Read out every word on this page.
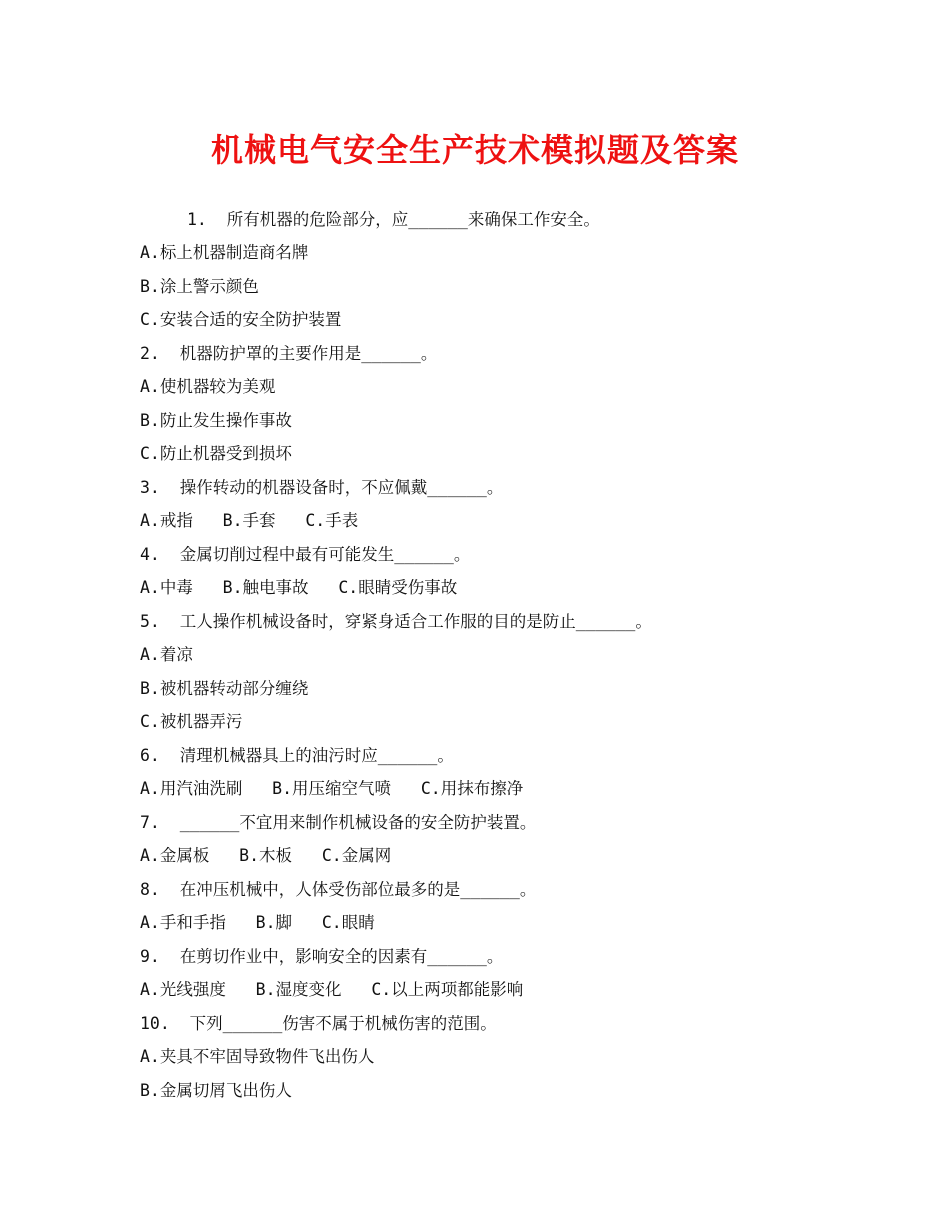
机械电气安全生产技术模拟题及答案

1.  所有机器的危险部分，应______来确保工作安全。

A.标上机器制造商名牌

B.涂上警示颜色

C.安装合适的安全防护装置

2.  机器防护罩的主要作用是______。

A.使机器较为美观

B.防止发生操作事故

C.防止机器受到损坏

3.  操作转动的机器设备时，不应佩戴______。

A.戒指   B.手套   C.手表

4.  金属切削过程中最有可能发生______。

A.中毒   B.触电事故   C.眼睛受伤事故

5.  工人操作机械设备时，穿紧身适合工作服的目的是防止______。

A.着凉

B.被机器转动部分缠绕

C.被机器弄污

6.  清理机械器具上的油污时应______。

A.用汽油洗刷   B.用压缩空气喷   C.用抹布擦净

7.  ______不宜用来制作机械设备的安全防护装置。

A.金属板   B.木板   C.金属网

8.  在冲压机械中，人体受伤部位最多的是______。

A.手和手指   B.脚   C.眼睛

9.  在剪切作业中，影响安全的因素有______。

A.光线强度   B.湿度变化   C.以上两项都能影响

10.  下列______伤害不属于机械伤害的范围。

A.夹具不牢固导致物件飞出伤人

B.金属切屑飞出伤人
